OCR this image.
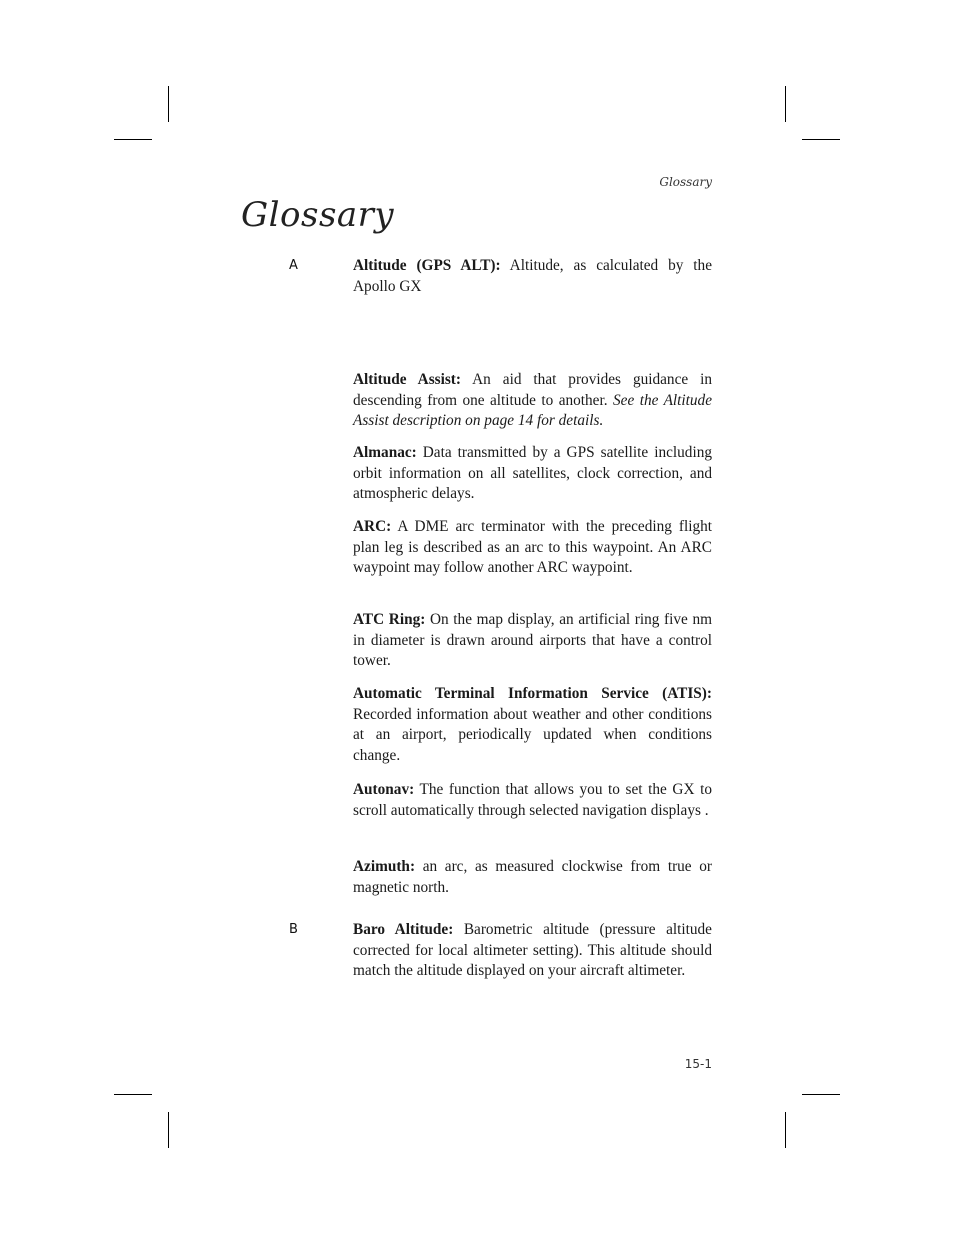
Glossary
Glossary
A	Altitude (GPS ALT): Altitude, as calculated by the Apollo GX

Altitude Assist: An aid that provides guidance in descending from one altitude to another. See the Altitude Assist description on page 14 for details.

Almanac: Data transmitted by a GPS satellite including orbit information on all satellites, clock correction, and atmospheric delays.

ARC: A DME arc terminator with the preceding flight plan leg is described as an arc to this waypoint. An ARC waypoint may follow another ARC waypoint.

ATC Ring: On the map display, an artificial ring five nm in diameter is drawn around airports that have a control tower.

Automatic Terminal Information Service (ATIS): Recorded information about weather and other conditions at an airport, periodically updated when conditions change.

Autonav: The function that allows you to set the GX to scroll automatically through selected navigation displays .

Azimuth: an arc, as measured clockwise from true or magnetic north.

B	Baro Altitude: Barometric altitude (pressure altitude corrected for local altimeter setting). This altitude should match the altitude displayed on your aircraft altimeter.

15-1
